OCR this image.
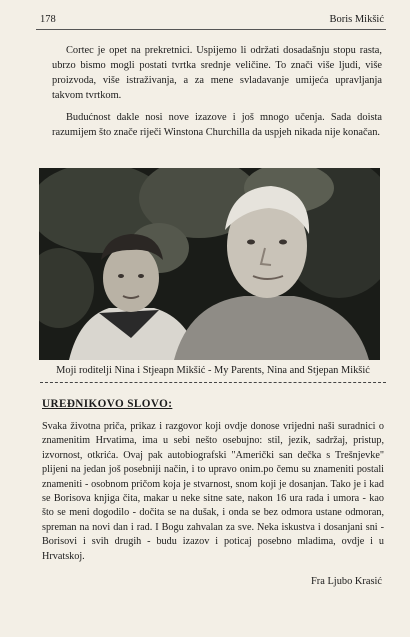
178	Boris Mikšić

Cortec je opet na prekretnici. Uspijemo li održati dosadašnju stopu rasta, ubrzo bismo mogli postati tvrtka srednje veličine. To znači više ljudi, više proizvoda, više istraživanja, a za mene svladavanje umijeća upravljanja takvom tvrtkom.

Budućnost dakle nosi nove izazove i još mnogo učenja. Sada doista razumijem što znače riječi Winstona Churchilla da uspjeh nikada nije konačan.

Moji roditelji Nina i Stjeapn Mikšić - My Parents, Nina and Stjepan Mikšić
UREĐNIKOVO SLOVO:

Svaka životna priča, prikaz i razgovor koji ovdje donose vrijedni naši suradnici o znamenitim Hrvatima, ima u sebi nešto osebujno: stil, jezik, sadržaj, pristup, izvornost, otkrića. Ovaj pak autobiografski "Američki san dečka s Trešnjevke" plijeni na jedan još posebniji način, i to upravo onim.po čemu su znameniti postali znameniti - osobnom pričom koja je stvarnost, snom koji je dosanjan. Tako je i kad se Borisova knjiga čita, makar u neke sitne sate, nakon 16 ura rada i umora - kao što se meni dogodilo - dočita se na dušak, i onda se bez odmora ustane odmoran, spreman na novi dan i rad. I Bogu zahvalan za sve. Neka iskustva i dosanjani sni - Borisovi i svih drugih - budu izazov i poticaj posebno mladima, ovdje i u Hrvatskoj.

Fra Ljubo Krasić
